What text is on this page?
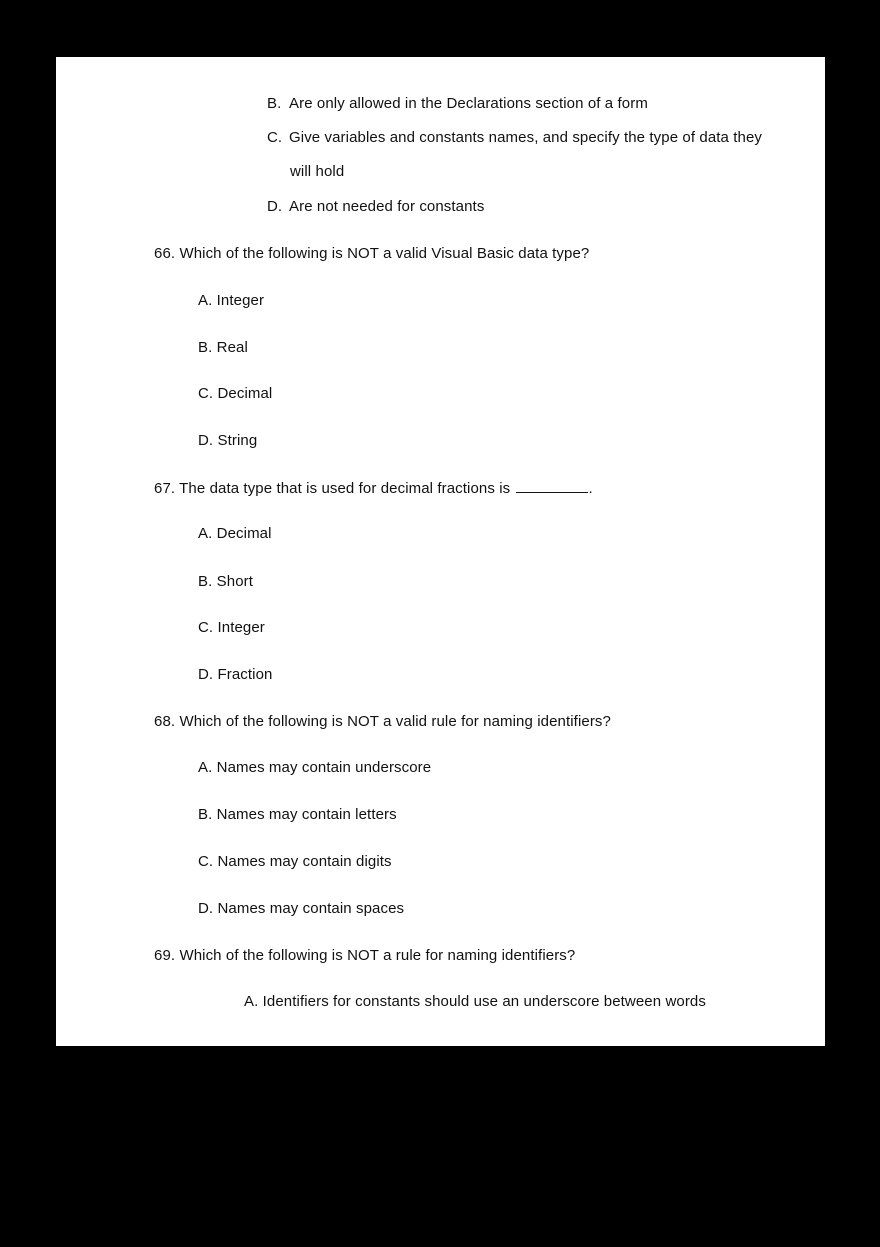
B. Are only allowed in the Declarations section of a form
C. Give variables and constants names, and specify the type of data they
will hold
D. Are not needed for constants
66. Which of the following is NOT a valid Visual Basic data type?
A. Integer
B. Real
C. Decimal
D. String
67. The data type that is used for decimal fractions is	.
A. Decimal
B. Short
C. Integer
D. Fraction
68. Which of the following is NOT a valid rule for naming identifiers?
A. Names may contain underscore
B. Names may contain letters
C. Names may contain digits
D. Names may contain spaces
69. Which of the following is NOT a rule for naming identifiers?
A. Identifiers for constants should use an underscore between words
